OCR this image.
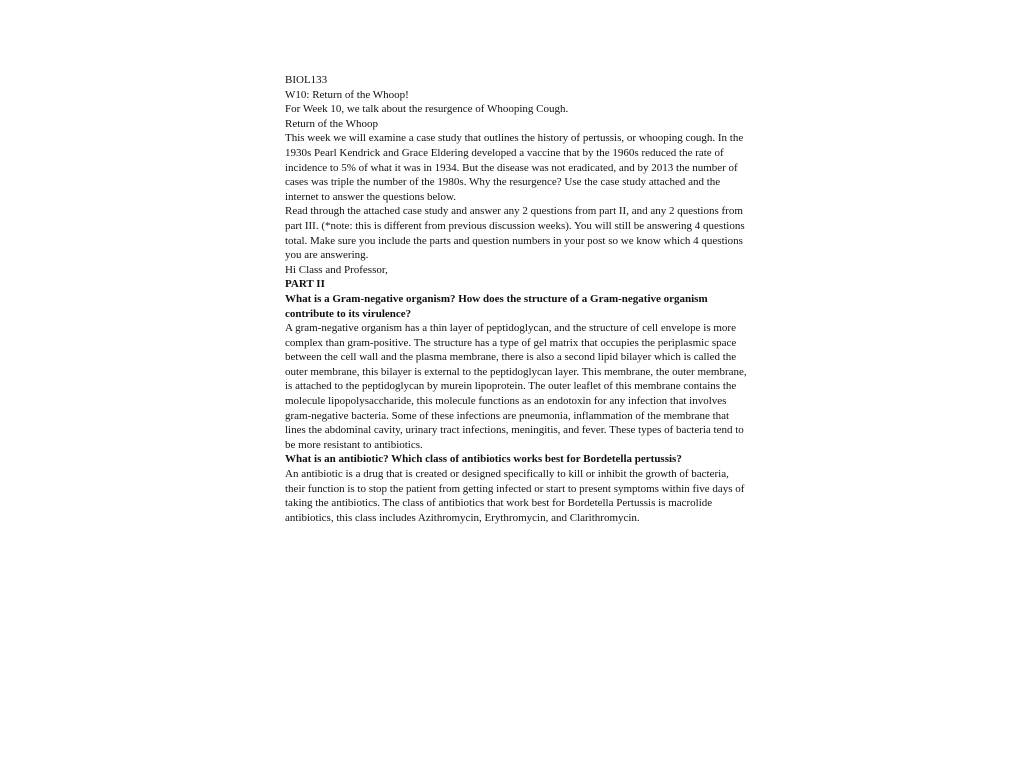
BIOL133

W10: Return of the Whoop!

For Week 10, we talk about the resurgence of Whooping Cough.

Return of the Whoop

This week we will examine a case study that outlines the history of pertussis, or whooping cough. In the 1930s Pearl Kendrick and Grace Eldering developed a vaccine that by the 1960s reduced the rate of incidence to 5% of what it was in 1934. But the disease was not eradicated, and by 2013 the number of cases was triple the number of the 1980s. Why the resurgence? Use the case study attached and the internet to answer the questions below.

Read through the attached case study and answer any 2 questions from part II, and any 2 questions from part III. (*note: this is different from previous discussion weeks). You will still be answering 4 questions total. Make sure you include the parts and question numbers in your post so we know which 4 questions you are answering.

Hi Class and Professor,

PART II

What is a Gram-negative organism? How does the structure of a Gram-negative organism contribute to its virulence?

A gram-negative organism has a thin layer of peptidoglycan, and the structure of cell envelope is more complex than gram-positive. The structure has a type of gel matrix that occupies the periplasmic space between the cell wall and the plasma membrane, there is also a second lipid bilayer which is called the outer membrane, this bilayer is external to the peptidoglycan layer. This membrane, the outer membrane, is attached to the peptidoglycan by murein lipoprotein. The outer leaflet of this membrane contains the molecule lipopolysaccharide, this molecule functions as an endotoxin for any infection that involves gram-negative bacteria. Some of these infections are pneumonia, inflammation of the membrane that lines the abdominal cavity, urinary tract infections, meningitis, and fever. These types of bacteria tend to be more resistant to antibiotics.

What is an antibiotic? Which class of antibiotics works best for Bordetella pertussis?

An antibiotic is a drug that is created or designed specifically to kill or inhibit the growth of bacteria, their function is to stop the patient from getting infected or start to present symptoms within five days of taking the antibiotics. The class of antibiotics that work best for Bordetella Pertussis is macrolide antibiotics, this class includes Azithromycin, Erythromycin, and Clarithromycin.
